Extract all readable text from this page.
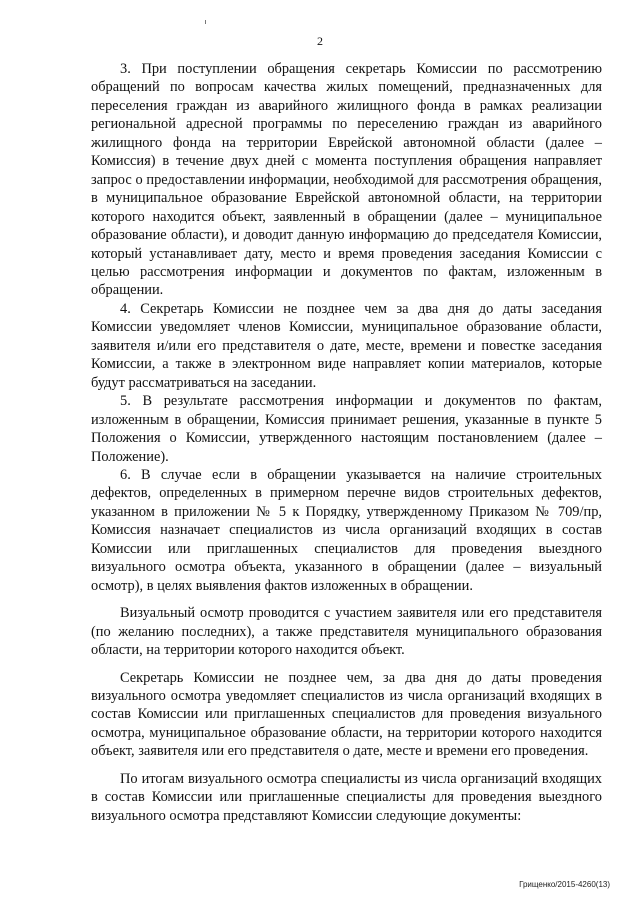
2

3. При поступлении обращения секретарь Комиссии по рассмотрению обращений по вопросам качества жилых помещений, предназначенных для переселения граждан из аварийного жилищного фонда в рамках реализации региональной адресной программы по переселению граждан из аварийного жилищного фонда на территории Еврейской автономной области (далее – Комиссия) в течение двух дней с момента поступления обращения направляет запрос о предоставлении информации, необходимой для рассмотрения обращения, в муниципальное образование Еврейской автономной области, на территории которого находится объект, заявленный в обращении (далее – муниципальное образование области), и доводит данную информацию до председателя Комиссии, который устанавливает дату, место и время проведения заседания Комиссии с целью рассмотрения информации и документов по фактам, изложенным в обращении.

4. Секретарь Комиссии не позднее чем за два дня до даты заседания Комиссии уведомляет членов Комиссии, муниципальное образование области, заявителя и/или его представителя о дате, месте, времени и повестке заседания Комиссии, а также в электронном виде направляет копии материалов, которые будут рассматриваться на заседании.

5. В результате рассмотрения информации и документов по фактам, изложенным в обращении, Комиссия принимает решения, указанные в пункте 5 Положения о Комиссии, утвержденного настоящим постановлением (далее – Положение).

6. В случае если в обращении указывается на наличие строительных дефектов, определенных в примерном перечне видов строительных дефектов, указанном в приложении № 5 к Порядку, утвержденному Приказом № 709/пр, Комиссия назначает специалистов из числа организаций входящих в состав Комиссии или приглашенных специалистов для проведения выездного визуального осмотра объекта, указанного в обращении (далее – визуальный осмотр), в целях выявления фактов изложенных в обращении.

Визуальный осмотр проводится с участием заявителя или его представителя (по желанию последних), а также представителя муниципального образования области, на территории которого находится объект.

Секретарь Комиссии не позднее чем, за два дня до даты проведения визуального осмотра уведомляет специалистов из числа организаций входящих в состав Комиссии или приглашенных специалистов для проведения визуального осмотра, муниципальное образование области, на территории которого находится объект, заявителя или его представителя о дате, месте и времени его проведения.

По итогам визуального осмотра специалисты из числа организаций входящих в состав Комиссии или приглашенные специалисты для проведения выездного визуального осмотра представляют Комиссии следующие документы:

Грищенко/2015-4260(13)
